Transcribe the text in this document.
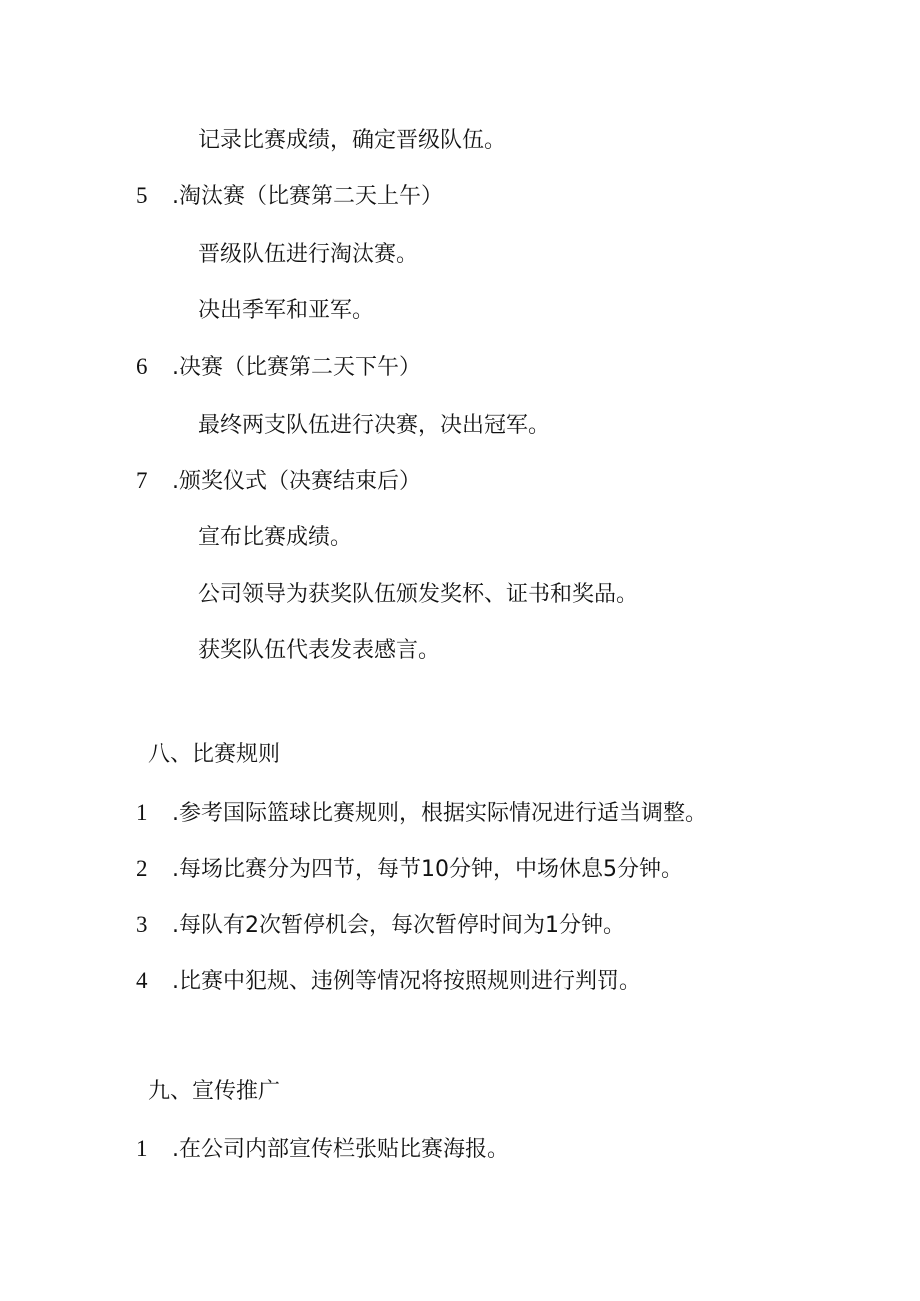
记录比赛成绩，确定晋级队伍。
5 .淘汰赛（比赛第二天上午）
晋级队伍进行淘汰赛。
决出季军和亚军。
6 .决赛（比赛第二天下午）
最终两支队伍进行决赛，决出冠军。
7 .颁奖仪式（决赛结束后）
宣布比赛成绩。
公司领导为获奖队伍颁发奖杯、证书和奖品。
获奖队伍代表发表感言。
八、比赛规则
1 .参考国际篮球比赛规则，根据实际情况进行适当调整。
2 .每场比赛分为四节，每节10分钟，中场休息5分钟。
3 .每队有2次暂停机会，每次暂停时间为1分钟。
4 .比赛中犯规、违例等情况将按照规则进行判罚。
九、宣传推广
1 .在公司内部宣传栏张贴比赛海报。
